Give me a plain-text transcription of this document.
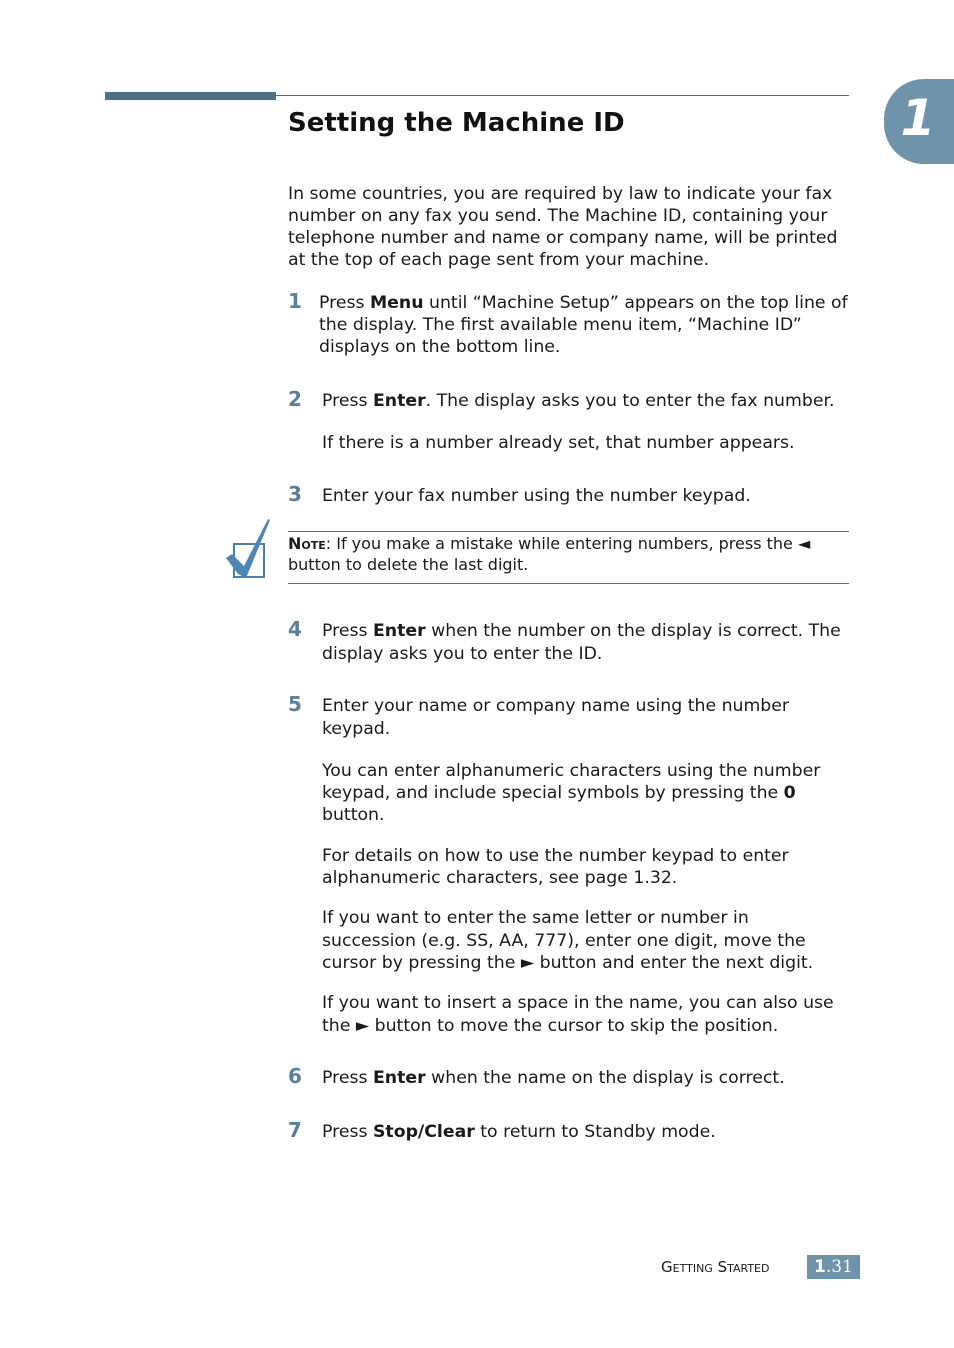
1
Setting the Machine ID

In some countries, you are required by law to indicate your fax number on any fax you send. The Machine ID, containing your telephone number and name or company name, will be printed at the top of each page sent from your machine.

1 Press Menu until “Machine Setup” appears on the top line of the display. The first available menu item, “Machine ID” displays on the bottom line.

2 Press Enter. The display asks you to enter the fax number.

If there is a number already set, that number appears.

3 Enter your fax number using the number keypad.

Note: If you make a mistake while entering numbers, press the ◄ button to delete the last digit.

4 Press Enter when the number on the display is correct. The display asks you to enter the ID.

5 Enter your name or company name using the number keypad.

You can enter alphanumeric characters using the number keypad, and include special symbols by pressing the 0 button.

For details on how to use the number keypad to enter alphanumeric characters, see page 1.32.

If you want to enter the same letter or number in succession (e.g. SS, AA, 777), enter one digit, move the cursor by pressing the ► button and enter the next digit.

If you want to insert a space in the name, you can also use the ► button to move the cursor to skip the position.

6 Press Enter when the name on the display is correct.

7 Press Stop/Clear to return to Standby mode.

Getting Started	1.31
